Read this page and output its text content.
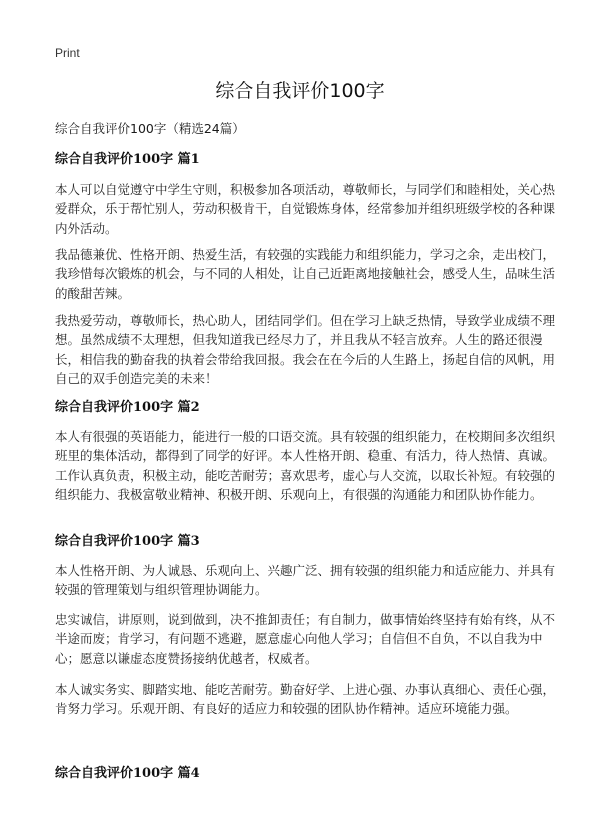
Print
综合自我评价100字

综合自我评价100字（精选24篇）

综合自我评价100字 篇1

本人可以自觉遵守中学生守则，积极参加各项活动，尊敬师长，与同学们和睦相处，关心热爱群众，乐于帮忙别人，劳动积极肯干，自觉锻炼身体，经常参加并组织班级学校的各种课内外活动。

我品德兼优、性格开朗、热爱生活，有较强的实践能力和组织能力，学习之余，走出校门，我珍惜每次锻炼的机会，与不同的人相处，让自己近距离地接触社会，感受人生，品味生活的酸甜苦辣。

我热爱劳动，尊敬师长，热心助人，团结同学们。但在学习上缺乏热情，导致学业成绩不理想。虽然成绩不太理想，但我知道我已经尽力了，并且我从不轻言放弃。人生的路还很漫长，相信我的勤奋我的执着会带给我回报。我会在在今后的人生路上，扬起自信的风帆，用自己的双手创造完美的未来！

综合自我评价100字 篇2

本人有很强的英语能力，能进行一般的口语交流。具有较强的组织能力，在校期间多次组织班里的集体活动，都得到了同学的好评。本人性格开朗、稳重、有活力，待人热情、真诚。工作认真负责，积极主动，能吃苦耐劳；喜欢思考，虚心与人交流，以取长补短。有较强的组织能力、我极富敬业精神、积极开朗、乐观向上，有很强的沟通能力和团队协作能力。

综合自我评价100字 篇3

本人性格开朗、为人诚恳、乐观向上、兴趣广泛、拥有较强的组织能力和适应能力、并具有较强的管理策划与组织管理协调能力。

忠实诚信，讲原则，说到做到，决不推卸责任；有自制力，做事情始终坚持有始有终，从不半途而废；肯学习，有问题不逃避，愿意虚心向他人学习；自信但不自负，不以自我为中心；愿意以谦虚态度赞扬接纳优越者，权威者。

本人诚实务实、脚踏实地、能吃苦耐劳。勤奋好学、上进心强、办事认真细心、责任心强，肯努力学习。乐观开朗、有良好的适应力和较强的团队协作精神。适应环境能力强。

综合自我评价100字 篇4
